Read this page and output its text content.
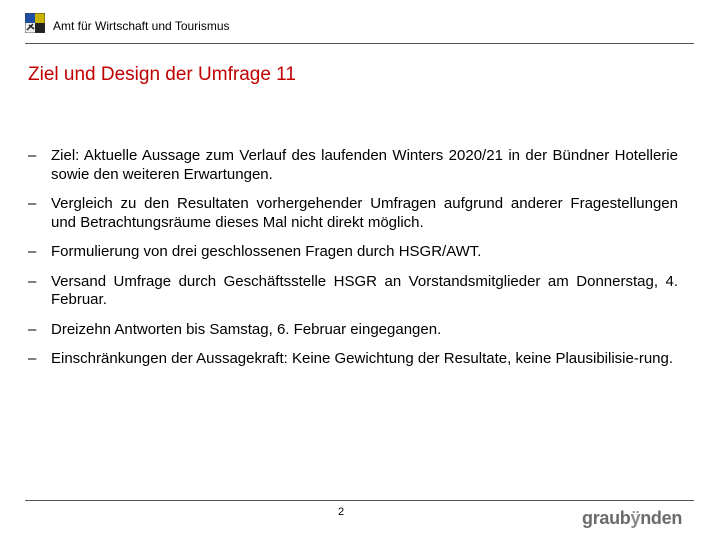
Amt für Wirtschaft und Tourismus
Ziel und Design der Umfrage 11
– Ziel: Aktuelle Aussage zum Verlauf des laufenden Winters 2020/21 in der Bündner Hotellerie sowie den weiteren Erwartungen.
– Vergleich zu den Resultaten vorhergehender Umfragen aufgrund anderer Fragestellungen und Betrachtungsräume dieses Mal nicht direkt möglich.
– Formulierung von drei geschlossenen Fragen durch HSGR/AWT.
– Versand Umfrage durch Geschäftsstelle HSGR an Vorstandsmitglieder am Donnerstag, 4. Februar.
– Dreizehn Antworten bis Samstag, 6. Februar eingegangen.
– Einschränkungen der Aussagekraft: Keine Gewichtung der Resultate, keine Plausibilisie-rung.
2	graubÿnden
